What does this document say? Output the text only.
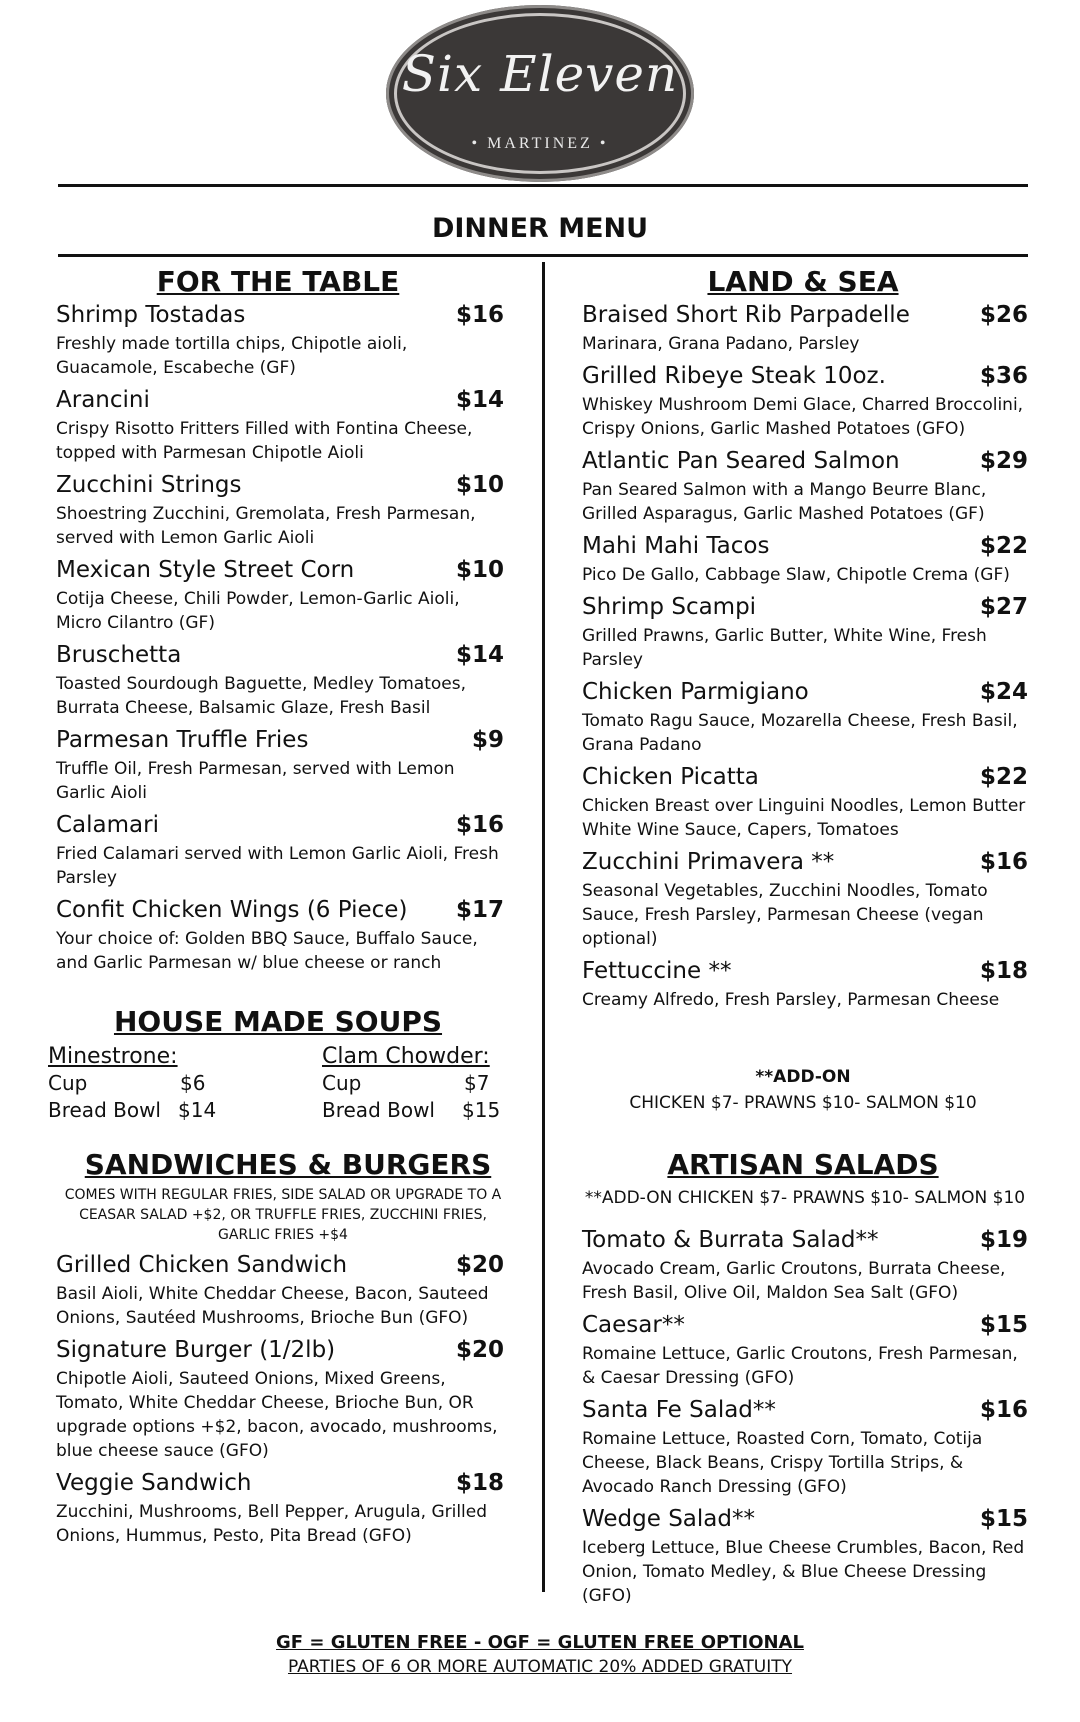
Six Eleven
• MARTINEZ •
DINNER MENU
FOR THE TABLE
Shrimp Tostadas	$16
Freshly made tortilla chips, Chipotle aioli, Guacamole, Escabeche (GF)
Arancini	$14
Crispy Risotto Fritters Filled with Fontina Cheese, topped with Parmesan Chipotle Aioli
Zucchini Strings	$10
Shoestring Zucchini, Gremolata, Fresh Parmesan, served with Lemon Garlic Aioli
Mexican Style Street Corn	$10
Cotija Cheese, Chili Powder, Lemon-Garlic Aioli, Micro Cilantro (GF)
Bruschetta	$14
Toasted Sourdough Baguette, Medley Tomatoes, Burrata Cheese, Balsamic Glaze, Fresh Basil
Parmesan Truffle Fries	$9
Truffle Oil, Fresh Parmesan, served with Lemon Garlic Aioli
Calamari	$16
Fried Calamari served with Lemon Garlic Aioli, Fresh Parsley
Confit Chicken Wings (6 Piece)	$17
Your choice of: Golden BBQ Sauce, Buffalo Sauce, and Garlic Parmesan w/ blue cheese or ranch
HOUSE MADE SOUPS
Minestrone:
Cup	$6
Bread Bowl $14
Clam Chowder:
Cup	$7
Bread Bowl $15
SANDWICHES & BURGERS
COMES WITH REGULAR FRIES, SIDE SALAD OR UPGRADE TO A CEASAR SALAD +$2, OR TRUFFLE FRIES, ZUCCHINI FRIES, GARLIC FRIES +$4
Grilled Chicken Sandwich	$20
Basil Aioli, White Cheddar Cheese, Bacon, Sauteed Onions, Sautéed Mushrooms, Brioche Bun (GFO)
Signature Burger (1/2lb)	$20
Chipotle Aioli, Sauteed Onions, Mixed Greens, Tomato, White Cheddar Cheese, Brioche Bun, OR upgrade options +$2, bacon, avocado, mushrooms, blue cheese sauce (GFO)
Veggie Sandwich	$18
Zucchini, Mushrooms, Bell Pepper, Arugula, Grilled Onions, Hummus, Pesto, Pita Bread (GFO)
LAND & SEA
Braised Short Rib Parpadelle	$26
Marinara, Grana Padano, Parsley
Grilled Ribeye Steak 10oz.	$36
Whiskey Mushroom Demi Glace, Charred Broccolini, Crispy Onions, Garlic Mashed Potatoes (GFO)
Atlantic Pan Seared Salmon	$29
Pan Seared Salmon with a Mango Beurre Blanc, Grilled Asparagus, Garlic Mashed Potatoes (GF)
Mahi Mahi Tacos	$22
Pico De Gallo, Cabbage Slaw, Chipotle Crema (GF)
Shrimp Scampi	$27
Grilled Prawns, Garlic Butter, White Wine, Fresh Parsley
Chicken Parmigiano	$24
Tomato Ragu Sauce, Mozarella Cheese, Fresh Basil, Grana Padano
Chicken Picatta	$22
Chicken Breast over Linguini Noodles, Lemon Butter White Wine Sauce, Capers, Tomatoes
Zucchini Primavera **	$16
Seasonal Vegetables, Zucchini Noodles, Tomato Sauce, Fresh Parsley, Parmesan Cheese (vegan optional)
Fettuccine **	$18
Creamy Alfredo, Fresh Parsley, Parmesan Cheese
**ADD-ON
CHICKEN $7- PRAWNS $10- SALMON $10
ARTISAN SALADS
**ADD-ON CHICKEN $7- PRAWNS $10- SALMON $10
Tomato & Burrata Salad**	$19
Avocado Cream, Garlic Croutons, Burrata Cheese, Fresh Basil, Olive Oil, Maldon Sea Salt (GFO)
Caesar**	$15
Romaine Lettuce, Garlic Croutons, Fresh Parmesan, & Caesar Dressing (GFO)
Santa Fe Salad**	$16
Romaine Lettuce, Roasted Corn, Tomato, Cotija Cheese, Black Beans, Crispy Tortilla Strips, & Avocado Ranch Dressing (GFO)
Wedge Salad**	$15
Iceberg Lettuce, Blue Cheese Crumbles, Bacon, Red Onion, Tomato Medley, & Blue Cheese Dressing (GFO)
GF = GLUTEN FREE - OGF = GLUTEN FREE OPTIONAL
PARTIES OF 6 OR MORE AUTOMATIC 20% ADDED GRATUITY
